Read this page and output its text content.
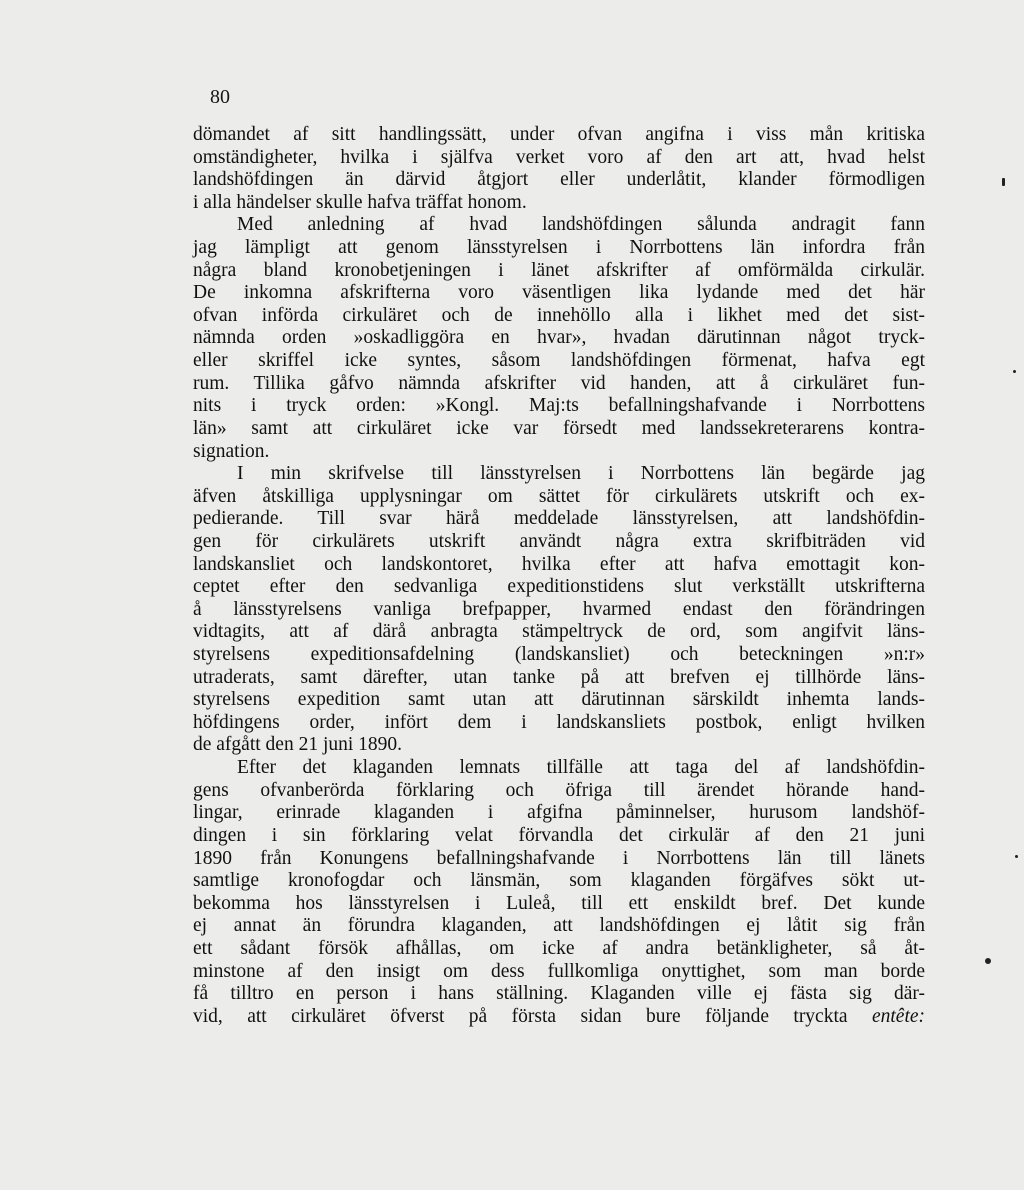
80
dömandet af sitt handlingssätt, under ofvan angifna i viss mån kritiska
omständigheter, hvilka i själfva verket voro af den art att, hvad helst
landshöfdingen än därvid åtgjort eller underlåtit, klander förmodligen
i alla händelser skulle hafva träffat honom.
Med anledning af hvad landshöfdingen sålunda andragit fann
jag lämpligt att genom länsstyrelsen i Norrbottens län infordra från
några bland kronobetjeningen i länet afskrifter af omförmälda cirkulär.
De inkomna afskrifterna voro väsentligen lika lydande med det här
ofvan införda cirkuläret och de innehöllo alla i likhet med det sist-
nämnda orden »oskadliggöra en hvar», hvadan därutinnan något tryck-
eller skriffel icke syntes, såsom landshöfdingen förmenat, hafva egt
rum. Tillika gåfvo nämnda afskrifter vid handen, att å cirkuläret fun-
nits i tryck orden: »Kongl. Maj:ts befallningshafvande i Norrbottens
län» samt att cirkuläret icke var försedt med landssekreterarens kontra-
signation.
I min skrifvelse till länsstyrelsen i Norrbottens län begärde jag
äfven åtskilliga upplysningar om sättet för cirkulärets utskrift och ex-
pedierande. Till svar härå meddelade länsstyrelsen, att landshöfdin-
gen för cirkulärets utskrift användt några extra skrifbiträden vid
landskansliet och landskontoret, hvilka efter att hafva emottagit kon-
ceptet efter den sedvanliga expeditionstidens slut verkställt utskrifterna
å länsstyrelsens vanliga brefpapper, hvarmed endast den förändringen
vidtagits, att af därå anbragta stämpeltryck de ord, som angifvit läns-
styrelsens expeditionsafdelning (landskansliet) och beteckningen »n:r»
utraderats, samt därefter, utan tanke på att brefven ej tillhörde läns-
styrelsens expedition samt utan att därutinnan särskildt inhemta lands-
höfdingens order, infört dem i landskansliets postbok, enligt hvilken
de afgått den 21 juni 1890.
Efter det klaganden lemnats tillfälle att taga del af landshöfdin-
gens ofvanberörda förklaring och öfriga till ärendet hörande hand-
lingar, erinrade klaganden i afgifna påminnelser, hurusom landshöf-
dingen i sin förklaring velat förvandla det cirkulär af den 21 juni
1890 från Konungens befallningshafvande i Norrbottens län till länets
samtlige kronofogdar och länsmän, som klaganden förgäfves sökt ut-
bekomma hos länsstyrelsen i Luleå, till ett enskildt bref. Det kunde
ej annat än förundra klaganden, att landshöfdingen ej låtit sig från
ett sådant försök afhållas, om icke af andra betänkligheter, så åt-
minstone af den insigt om dess fullkomliga onyttighet, som man borde
få tilltro en person i hans ställning. Klaganden ville ej fästa sig där-
vid, att cirkuläret öfverst på första sidan bure följande tryckta entête:
